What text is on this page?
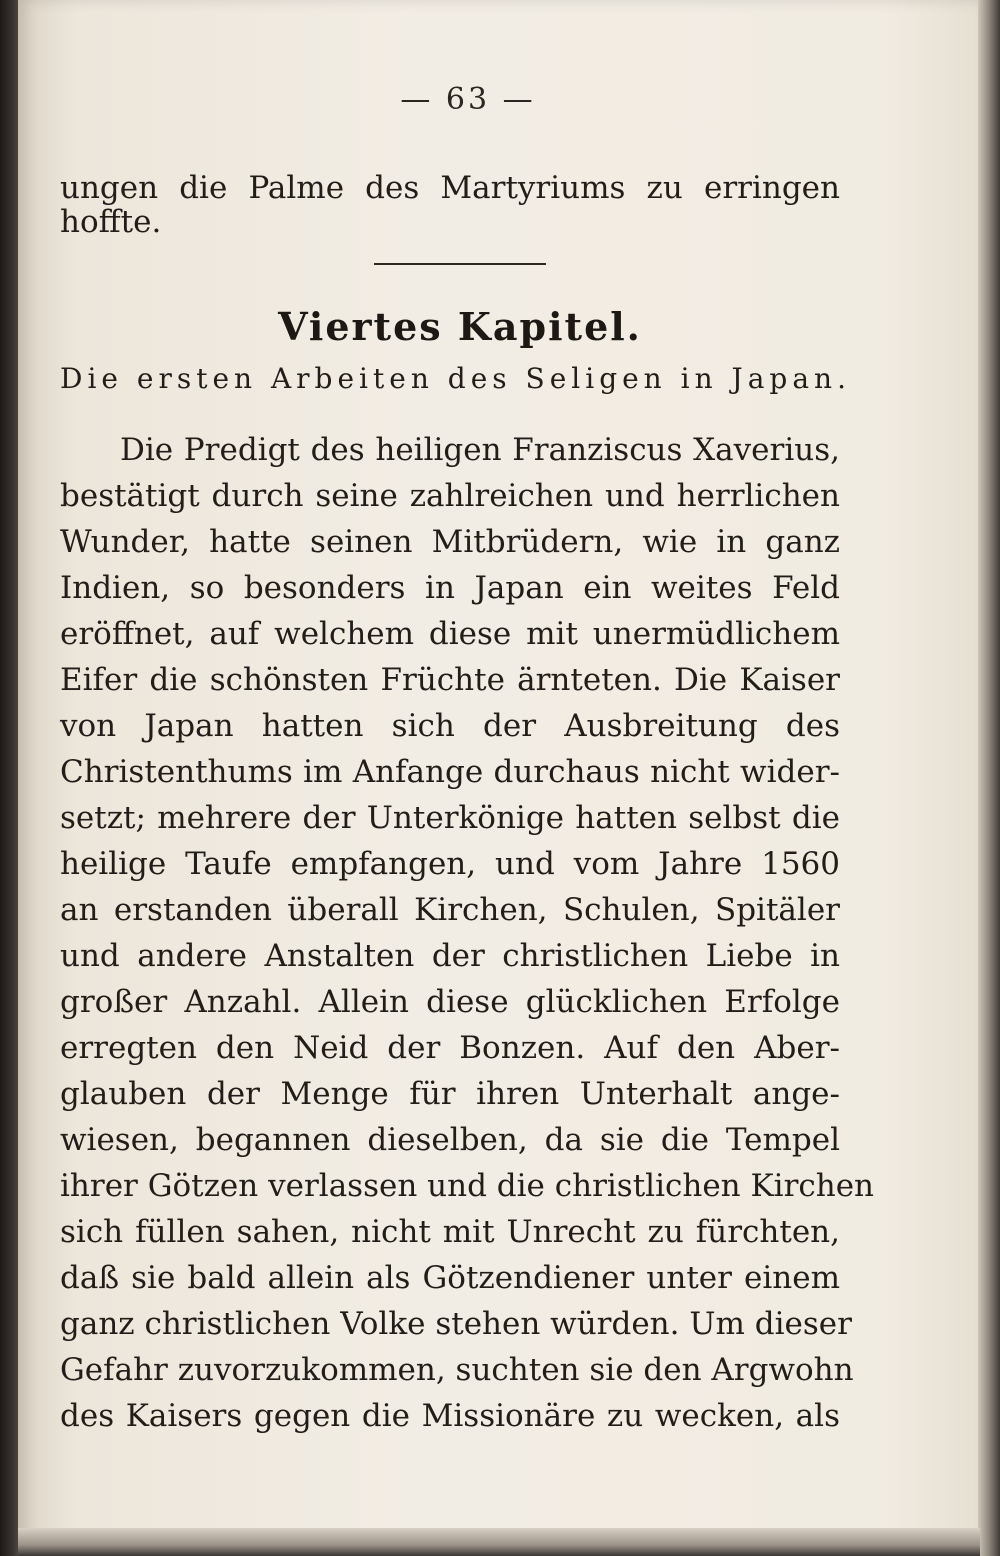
— 63 —
ungen die Palme des Martyriums zu erringen
hoffte.
Viertes Kapitel.
Die ersten Arbeiten des Seligen in Japan.
Die Predigt des heiligen Franziscus Xaverius,
bestätigt durch seine zahlreichen und herrlichen
Wunder, hatte seinen Mitbrüdern, wie in ganz
Indien, so besonders in Japan ein weites Feld
eröffnet, auf welchem diese mit unermüdlichem
Eifer die schönsten Früchte ärnteten. Die Kaiser
von Japan hatten sich der Ausbreitung des
Christenthums im Anfange durchaus nicht wider-
setzt; mehrere der Unterkönige hatten selbst die
heilige Taufe empfangen, und vom Jahre 1560
an erstanden überall Kirchen, Schulen, Spitäler
und andere Anstalten der christlichen Liebe in
großer Anzahl. Allein diese glücklichen Erfolge
erregten den Neid der Bonzen. Auf den Aber-
glauben der Menge für ihren Unterhalt ange-
wiesen, begannen dieselben, da sie die Tempel
ihrer Götzen verlassen und die christlichen Kirchen
sich füllen sahen, nicht mit Unrecht zu fürchten,
daß sie bald allein als Götzendiener unter einem
ganz christlichen Volke stehen würden. Um dieser
Gefahr zuvorzukommen, suchten sie den Argwohn
des Kaisers gegen die Missionäre zu wecken, als
